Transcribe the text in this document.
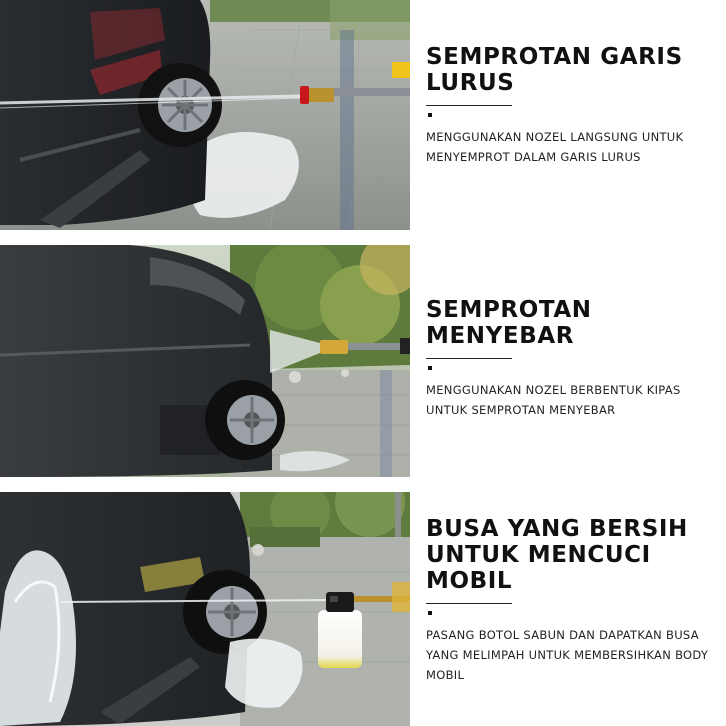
SEMPROTAN GARIS LURUS

MENGGUNAKAN NOZEL LANGSUNG UNTUK MENYEMPROT DALAM GARIS LURUS

SEMPROTAN MENYEBAR

MENGGUNAKAN NOZEL BERBENTUK KIPAS UNTUK SEMPROTAN MENYEBAR

BUSA YANG BERSIH UNTUK MENCUCI MOBIL

PASANG BOTOL SABUN DAN DAPATKAN BUSA YANG MELIMPAH UNTUK MEMBERSIHKAN BODY MOBIL
